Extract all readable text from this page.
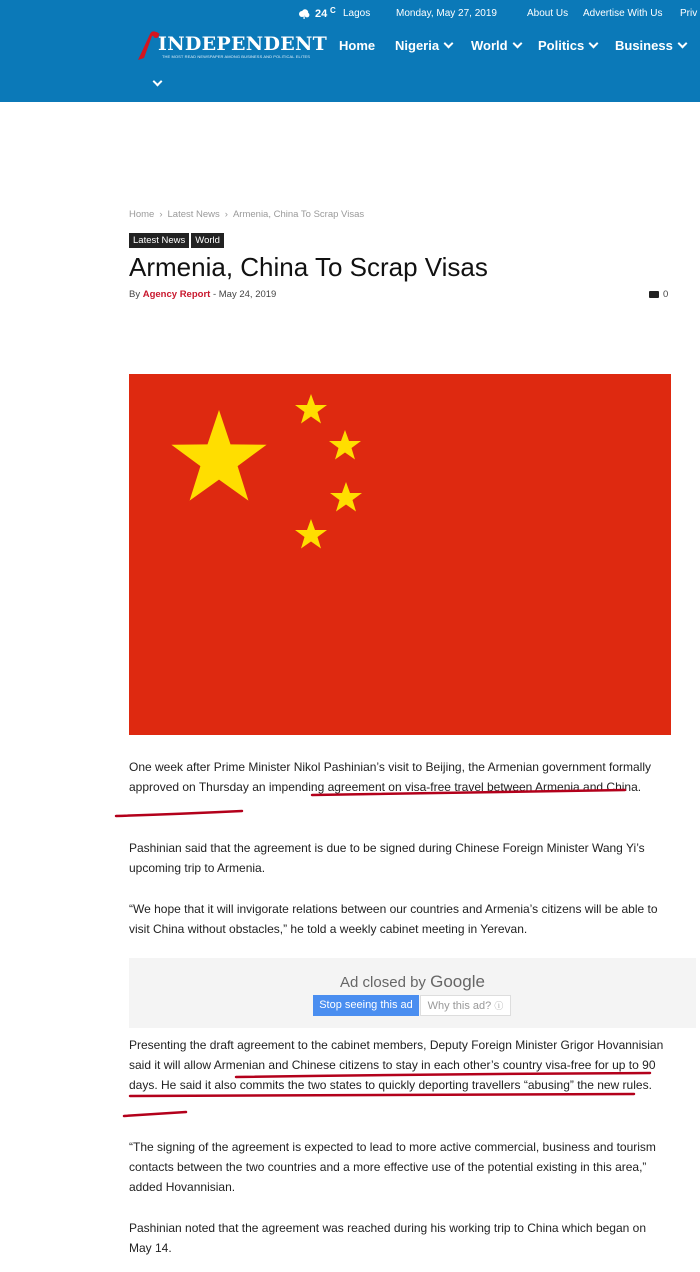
24 C Lagos	Monday, May 27, 2019	About Us Advertise With Us Priv
INDEPENDENT
THE MOST READ NEWSPAPER AMONG BUSINESS AND POLITICAL ELITES
Home Nigeria	World	Politics	Business
Home › Latest News › Armenia, China To Scrap Visas
Latest News World
Armenia, China To Scrap Visas
By Agency Report - May 24, 2019	0

One week after Prime Minister Nikol Pashinian’s visit to Beijing, the Armenian government formally approved on Thursday an impending agreement on visa-free travel between Armenia and China.

Pashinian said that the agreement is due to be signed during Chinese Foreign Minister Wang Yi’s upcoming trip to Armenia.

“We hope that it will invigorate relations between our countries and Armenia’s citizens will be able to visit China without obstacles,” he told a weekly cabinet meeting in Yerevan.

Ad closed by Google
Stop seeing this ad	Why this ad? ⓘ

Presenting the draft agreement to the cabinet members, Deputy Foreign Minister Grigor Hovannisian said it will allow Armenian and Chinese citizens to stay in each other’s country visa-free for up to 90 days. He said it also commits the two states to quickly deporting travellers “abusing” the new rules.

“The signing of the agreement is expected to lead to more active commercial, business and tourism contacts between the two countries and a more effective use of the potential existing in this area,” added Hovannisian.

Pashinian noted that the agreement was reached during his working trip to China which began on May 14.
